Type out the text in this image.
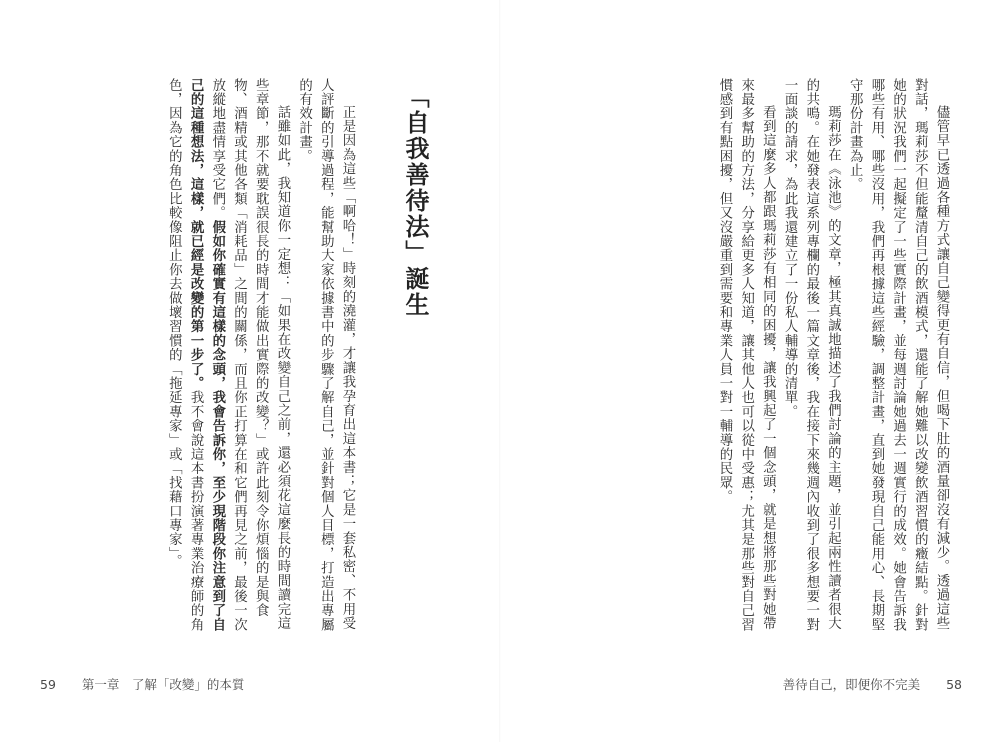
儘管早已透過各種方式讓自己變得更有自信，但喝下肚的酒量卻沒有減少。透過這些對話，瑪莉莎不但能釐清自己的飲酒模式，還能了解她難以改變飲酒習慣的癥結點。針對她的狀況我們一起擬定了一些實際計畫，並每週討論她過去一週實行的成效。她會告訴我哪些有用、哪些沒用，我們再根據這些經驗，調整計畫，直到她發現自己能用心、長期堅守那份計畫為止。

瑪莉莎在《泳池》的文章，極其真誠地描述了我們討論的主題，並引起兩性讀者很大的共鳴。在她發表這系列專欄的最後一篇文章後，我在接下來幾週內收到了很多想要一對一面談的請求，為此我還建立了一份私人輔導的清單。

看到這麼多人都跟瑪莉莎有相同的困擾，讓我興起了一個念頭，就是想將那些對她帶來最多幫助的方法，分享給更多人知道，讓其他人也可以從中受惠；尤其是那些對自己習慣感到有點困擾，但又沒嚴重到需要和專業人員一對一輔導的民眾。

「自我善待法」誕生

正是因為這些「啊哈！」時刻的澆灌，才讓我孕育出這本書；它是一套私密、不用受人評斷的引導過程，能幫助大家依據書中的步驟了解自己，並針對個人目標，打造出專屬的有效計畫。

話雖如此，我知道你一定想：「如果在改變自己之前，還必須花這麼長的時間讀完這些章節，那不就要耽誤很長的時間才能做出實際的改變？」或許此刻令你煩惱的是與食物、酒精或其他各類「消耗品」之間的關係，而且你正打算在和它們再見之前，最後一次放縱地盡情享受它們。假如你確實有這樣的念頭，我會告訴你，至少現階段你注意到了自己的這種想法，這樣，就已經是改變的第一步了。我不會說這本書扮演著專業治療師的角色，因為它的角色比較像阻止你去做壞習慣的「拖延專家」或「找藉口專家」。

59 第一章　了解「改變」的本質	善待自己，即便你不完美 58
